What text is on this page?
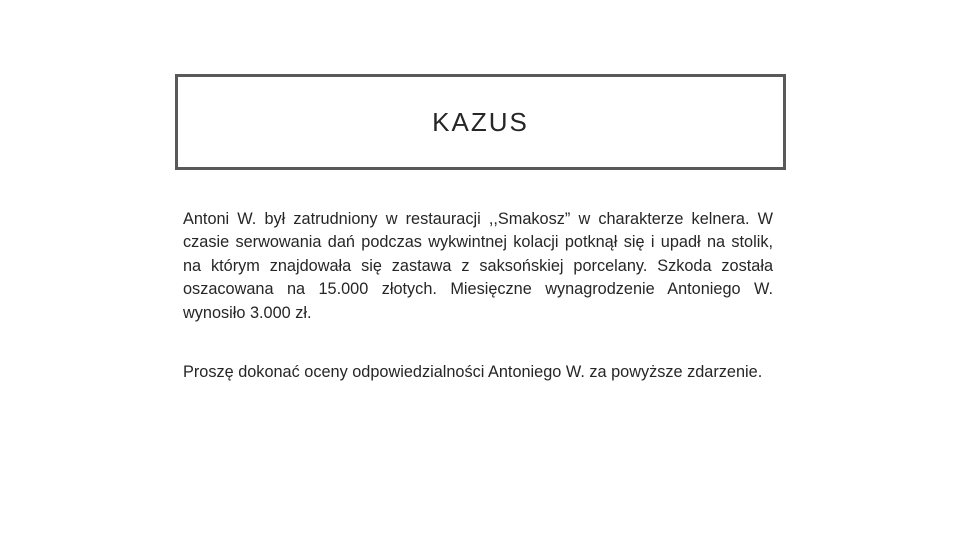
KAZUS

Antoni W. był zatrudniony w restauracji ,,Smakosz” w charakterze kelnera. W czasie serwowania dań podczas wykwintnej kolacji potknął się i upadł na stolik, na którym znajdowała się zastawa z saksońskiej porcelany. Szkoda została oszacowana na 15.000 złotych. Miesięczne wynagrodzenie Antoniego W. wynosiło 3.000 zł.

Proszę dokonać oceny odpowiedzialności Antoniego W. za powyższe zdarzenie.
